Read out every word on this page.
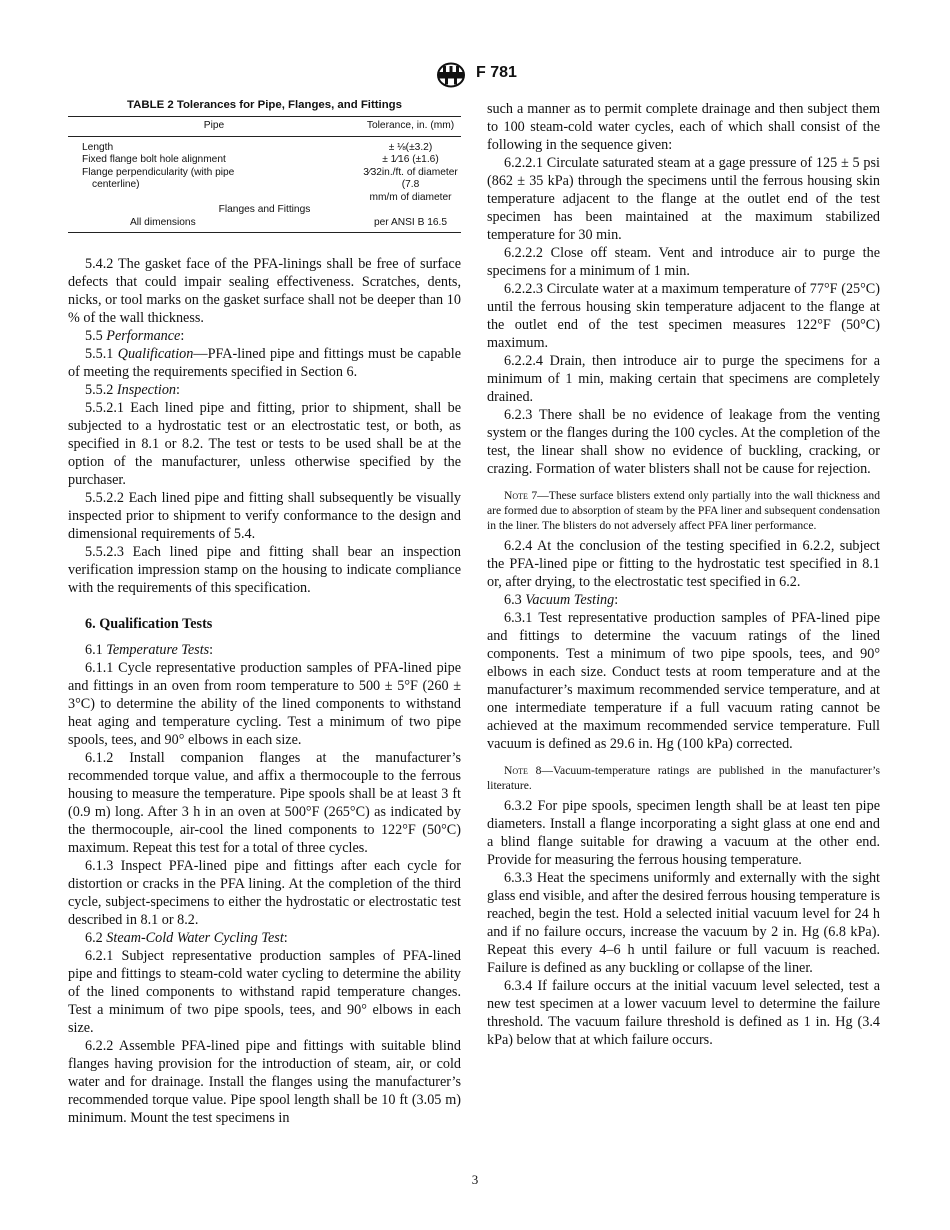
F 781
TABLE 2 Tolerances for Pipe, Flanges, and Fittings
Pipe	Tolerance, in. (mm)
Length	± ⅛(±3.2)
Fixed flange bolt hole alignment	± 1⁄16 (±1.6)
Flange perpendicularity (with pipe
centerline)	3⁄32in./ft. of diameter (7.8
mm/m of diameter
Flanges and Fittings	
All dimensions	per ANSI B 16.5

5.4.2 The gasket face of the PFA-linings shall be free of surface defects that could impair sealing effectiveness. Scratches, dents, nicks, or tool marks on the gasket surface shall not be deeper than 10 % of the wall thickness.

5.5 Performance:

5.5.1 Qualification—PFA-lined pipe and fittings must be capable of meeting the requirements specified in Section 6.

5.5.2 Inspection:

5.5.2.1 Each lined pipe and fitting, prior to shipment, shall be subjected to a hydrostatic test or an electrostatic test, or both, as specified in 8.1 or 8.2. The test or tests to be used shall be at the option of the manufacturer, unless otherwise specified by the purchaser.

5.5.2.2 Each lined pipe and fitting shall subsequently be visually inspected prior to shipment to verify conformance to the design and dimensional requirements of 5.4.

5.5.2.3 Each lined pipe and fitting shall bear an inspection verification impression stamp on the housing to indicate compliance with the requirements of this specification.

6. Qualification Tests

6.1 Temperature Tests:

6.1.1 Cycle representative production samples of PFA-lined pipe and fittings in an oven from room temperature to 500 ± 5°F (260 ± 3°C) to determine the ability of the lined components to withstand heat aging and temperature cycling. Test a minimum of two pipe spools, tees, and 90° elbows in each size.

6.1.2 Install companion flanges at the manufacturer’s recommended torque value, and affix a thermocouple to the ferrous housing to measure the temperature. Pipe spools shall be at least 3 ft (0.9 m) long. After 3 h in an oven at 500°F (265°C) as indicated by the thermocouple, air-cool the lined components to 122°F (50°C) maximum. Repeat this test for a total of three cycles.

6.1.3 Inspect PFA-lined pipe and fittings after each cycle for distortion or cracks in the PFA lining. At the completion of the third cycle, subject-specimens to either the hydrostatic or electrostatic test described in 8.1 or 8.2.

6.2 Steam-Cold Water Cycling Test:

6.2.1 Subject representative production samples of PFA-lined pipe and fittings to steam-cold water cycling to determine the ability of the lined components to withstand rapid temperature changes. Test a minimum of two pipe spools, tees, and 90° elbows in each size.

6.2.2 Assemble PFA-lined pipe and fittings with suitable blind flanges having provision for the introduction of steam, air, or cold water and for drainage. Install the flanges using the manufacturer’s recommended torque value. Pipe spool length shall be 10 ft (3.05 m) minimum. Mount the test specimens in

such a manner as to permit complete drainage and then subject them to 100 steam-cold water cycles, each of which shall consist of the following in the sequence given:

6.2.2.1 Circulate saturated steam at a gage pressure of 125 ± 5 psi (862 ± 35 kPa) through the specimens until the ferrous housing skin temperature adjacent to the flange at the outlet end of the test specimen has been maintained at the maximum stabilized temperature for 30 min.

6.2.2.2 Close off steam. Vent and introduce air to purge the specimens for a minimum of 1 min.

6.2.2.3 Circulate water at a maximum temperature of 77°F (25°C) until the ferrous housing skin temperature adjacent to the flange at the outlet end of the test specimen measures 122°F (50°C) maximum.

6.2.2.4 Drain, then introduce air to purge the specimens for a minimum of 1 min, making certain that specimens are completely drained.

6.2.3 There shall be no evidence of leakage from the venting system or the flanges during the 100 cycles. At the completion of the test, the linear shall show no evidence of buckling, cracking, or crazing. Formation of water blisters shall not be cause for rejection.

Note 7—These surface blisters extend only partially into the wall thickness and are formed due to absorption of steam by the PFA liner and subsequent condensation in the liner. The blisters do not adversely affect PFA liner performance.

6.2.4 At the conclusion of the testing specified in 6.2.2, subject the PFA-lined pipe or fitting to the hydrostatic test specified in 8.1 or, after drying, to the electrostatic test specified in 6.2.

6.3 Vacuum Testing:

6.3.1 Test representative production samples of PFA-lined pipe and fittings to determine the vacuum ratings of the lined components. Test a minimum of two pipe spools, tees, and 90° elbows in each size. Conduct tests at room temperature and at the manufacturer’s maximum recommended service temperature, and at one intermediate temperature if a full vacuum rating cannot be achieved at the maximum recommended service temperature. Full vacuum is defined as 29.6 in. Hg (100 kPa) corrected.

Note 8—Vacuum-temperature ratings are published in the manufacturer’s literature.

6.3.2 For pipe spools, specimen length shall be at least ten pipe diameters. Install a flange incorporating a sight glass at one end and a blind flange suitable for drawing a vacuum at the other end. Provide for measuring the ferrous housing temperature.

6.3.3 Heat the specimens uniformly and externally with the sight glass end visible, and after the desired ferrous housing temperature is reached, begin the test. Hold a selected initial vacuum level for 24 h and if no failure occurs, increase the vacuum by 2 in. Hg (6.8 kPa). Repeat this every 4–6 h until failure or full vacuum is reached. Failure is defined as any buckling or collapse of the liner.

6.3.4 If failure occurs at the initial vacuum level selected, test a new test specimen at a lower vacuum level to determine the failure threshold. The vacuum failure threshold is defined as 1 in. Hg (3.4 kPa) below that at which failure occurs.

3
